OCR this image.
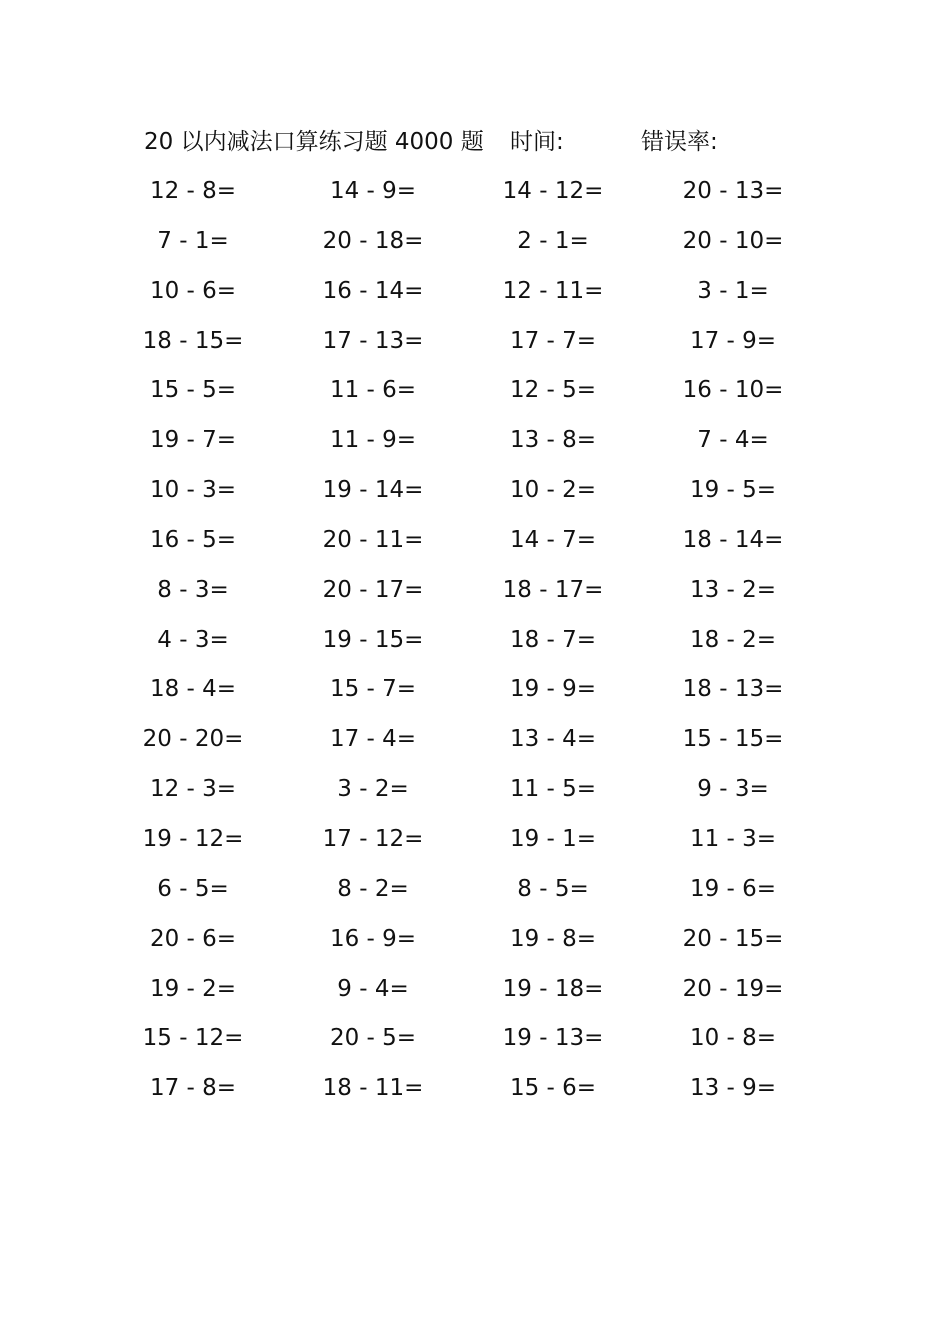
20 以内减法口算练习题 4000 题 时间:	错误率:
12 - 8=	14 - 9=	14 - 12=	20 - 13=
7 - 1=	20 - 18=	2 - 1=	20 - 10=
10 - 6=	16 - 14=	12 - 11=	3 - 1=
18 - 15=	17 - 13=	17 - 7=	17 - 9=
15 - 5=	11 - 6=	12 - 5=	16 - 10=
19 - 7=	11 - 9=	13 - 8=	7 - 4=
10 - 3=	19 - 14=	10 - 2=	19 - 5=
16 - 5=	20 - 11=	14 - 7=	18 - 14=
8 - 3=	20 - 17=	18 - 17=	13 - 2=
4 - 3=	19 - 15=	18 - 7=	18 - 2=
18 - 4=	15 - 7=	19 - 9=	18 - 13=
20 - 20=	17 - 4=	13 - 4=	15 - 15=
12 - 3=	3 - 2=	11 - 5=	9 - 3=
19 - 12=	17 - 12=	19 - 1=	11 - 3=
6 - 5=	8 - 2=	8 - 5=	19 - 6=
20 - 6=	16 - 9=	19 - 8=	20 - 15=
19 - 2=	9 - 4=	19 - 18=	20 - 19=
15 - 12=	20 - 5=	19 - 13=	10 - 8=
17 - 8=	18 - 11=	15 - 6=	13 - 9=
